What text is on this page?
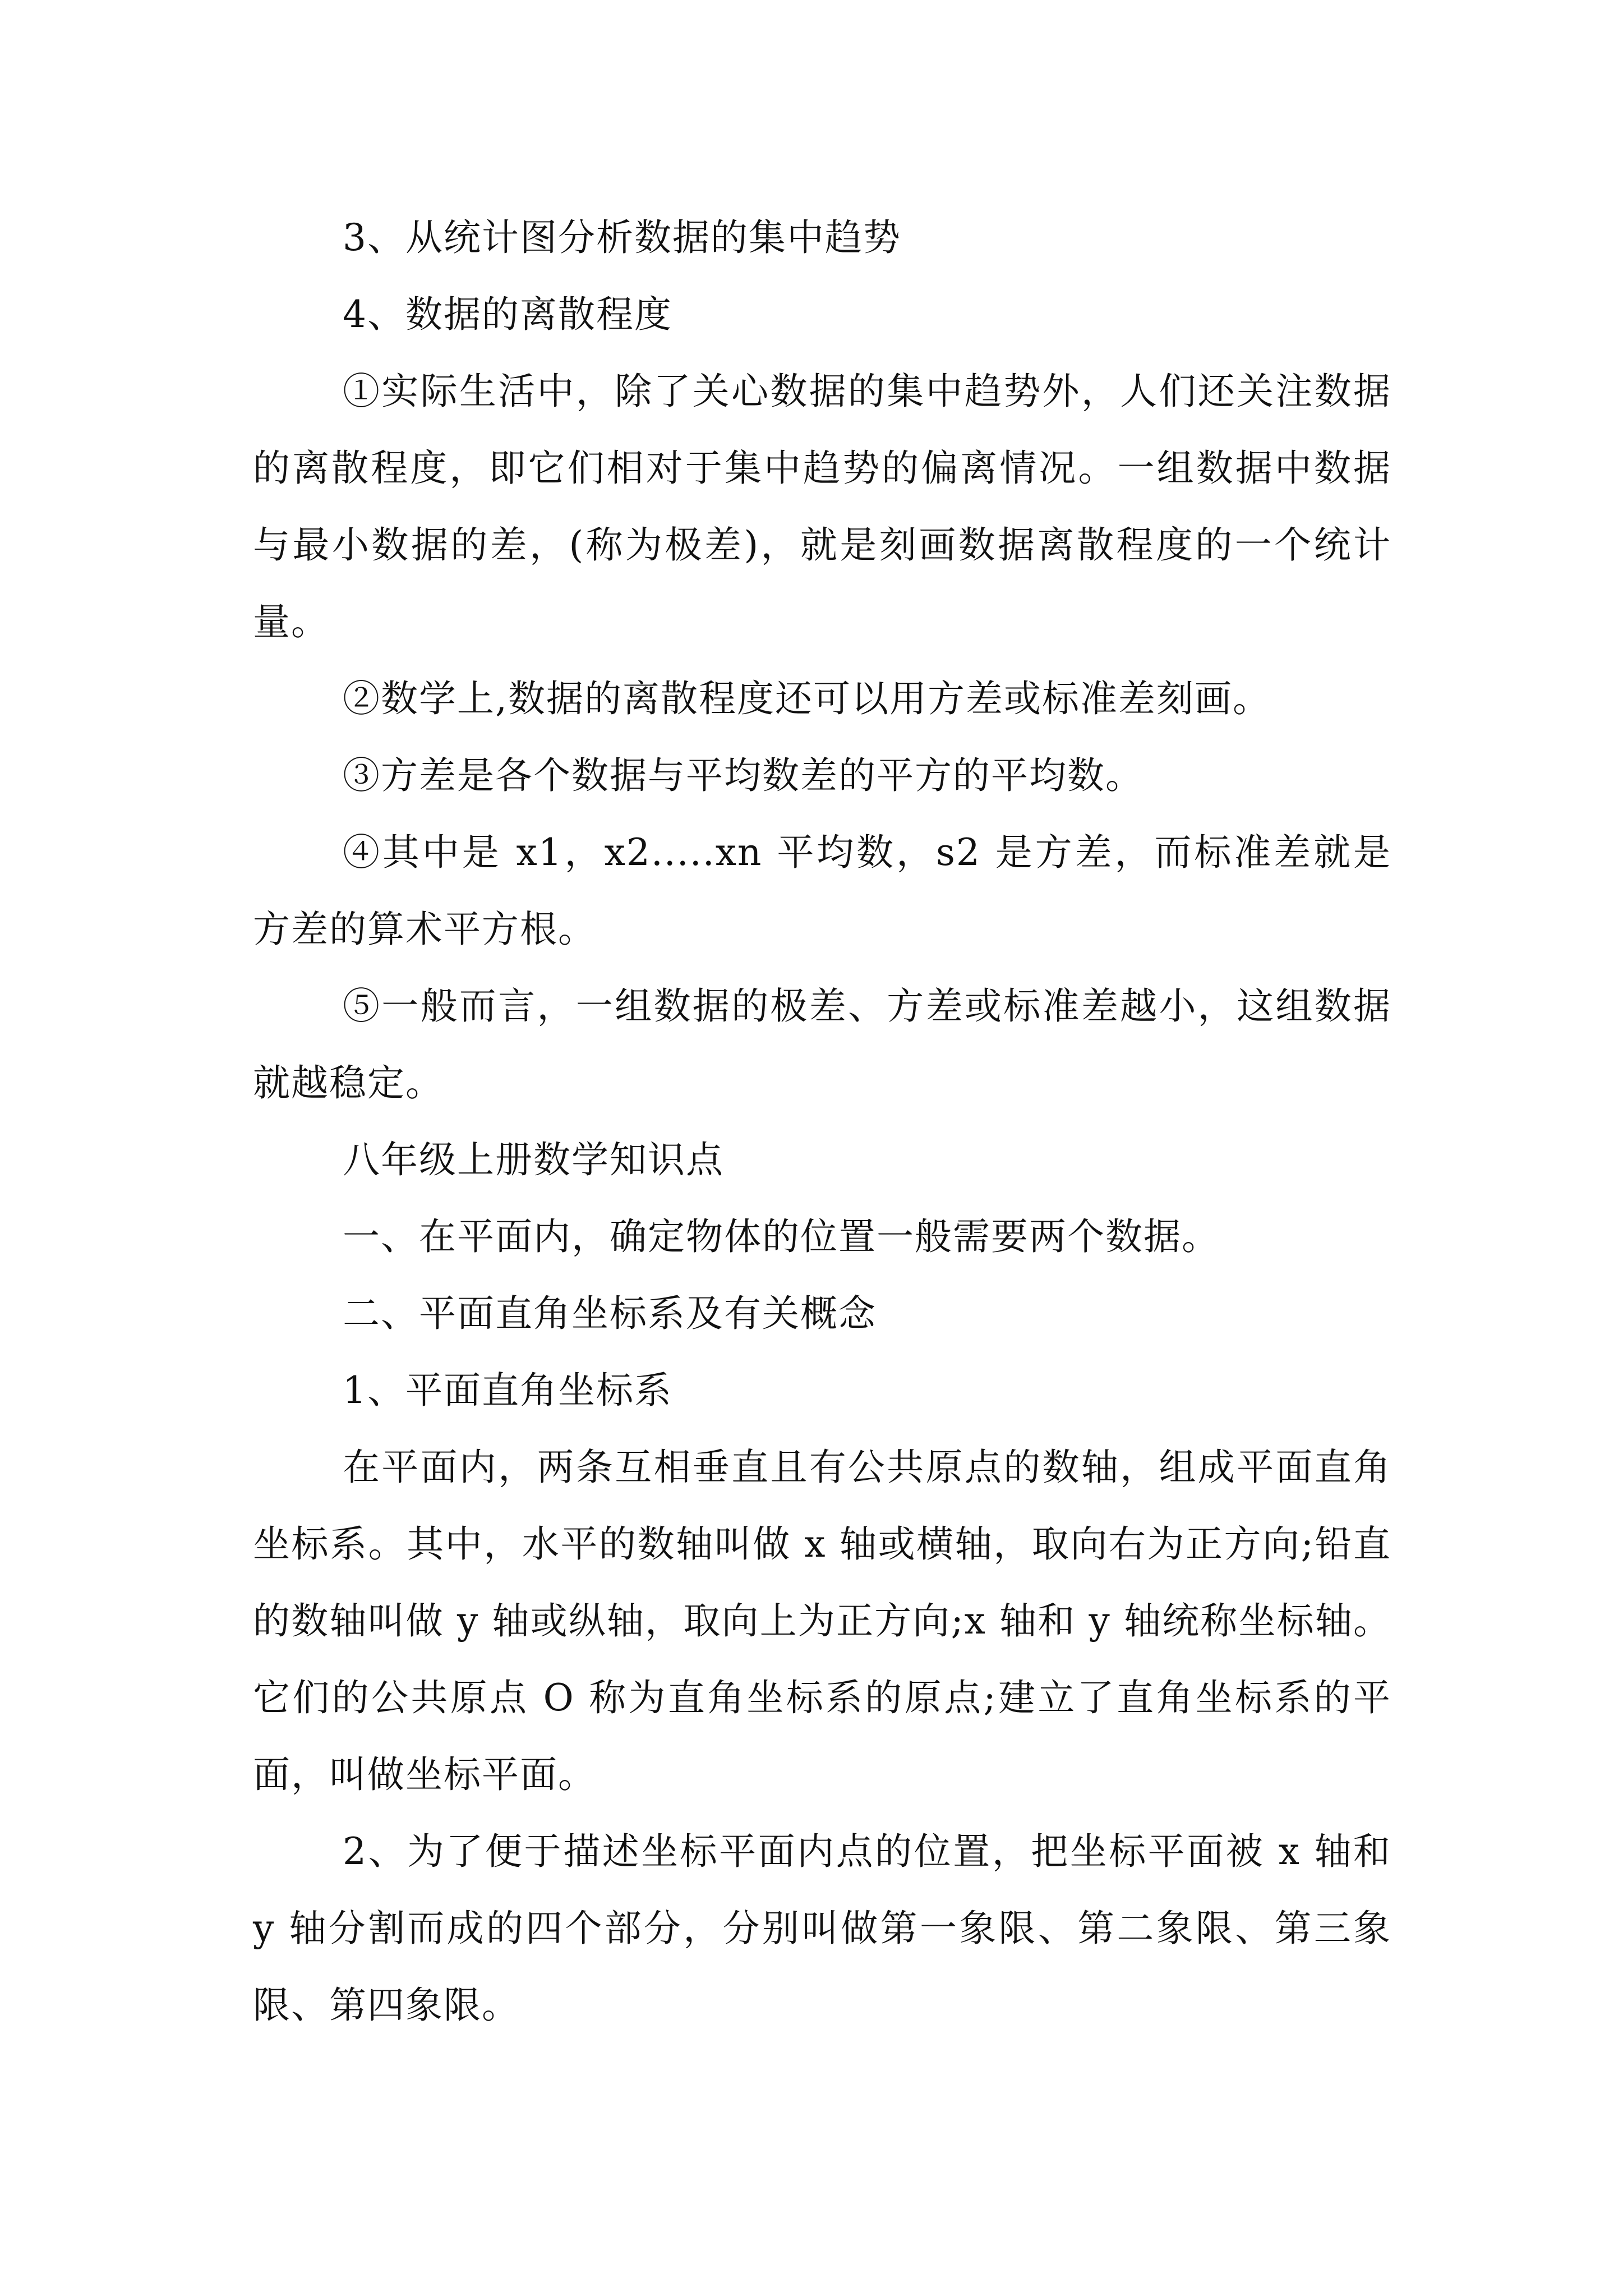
3、从统计图分析数据的集中趋势

4、数据的离散程度

①实际生活中，除了关心数据的集中趋势外，人们还关注数据的离散程度，即它们相对于集中趋势的偏离情况。一组数据中数据与最小数据的差，(称为极差)，就是刻画数据离散程度的一个统计量。

②数学上,数据的离散程度还可以用方差或标准差刻画。

③方差是各个数据与平均数差的平方的平均数。

④其中是 x1，x2.....xn 平均数，s2 是方差，而标准差就是方差的算术平方根。

⑤一般而言，一组数据的极差、方差或标准差越小，这组数据就越稳定。

八年级上册数学知识点

一、在平面内，确定物体的位置一般需要两个数据。

二、平面直角坐标系及有关概念

1、平面直角坐标系

在平面内，两条互相垂直且有公共原点的数轴，组成平面直角坐标系。其中，水平的数轴叫做 x 轴或横轴，取向右为正方向;铅直的数轴叫做 y 轴或纵轴，取向上为正方向;x 轴和 y 轴统称坐标轴。它们的公共原点 O 称为直角坐标系的原点;建立了直角坐标系的平面，叫做坐标平面。

2、为了便于描述坐标平面内点的位置，把坐标平面被 x 轴和 y 轴分割而成的四个部分，分别叫做第一象限、第二象限、第三象限、第四象限。
